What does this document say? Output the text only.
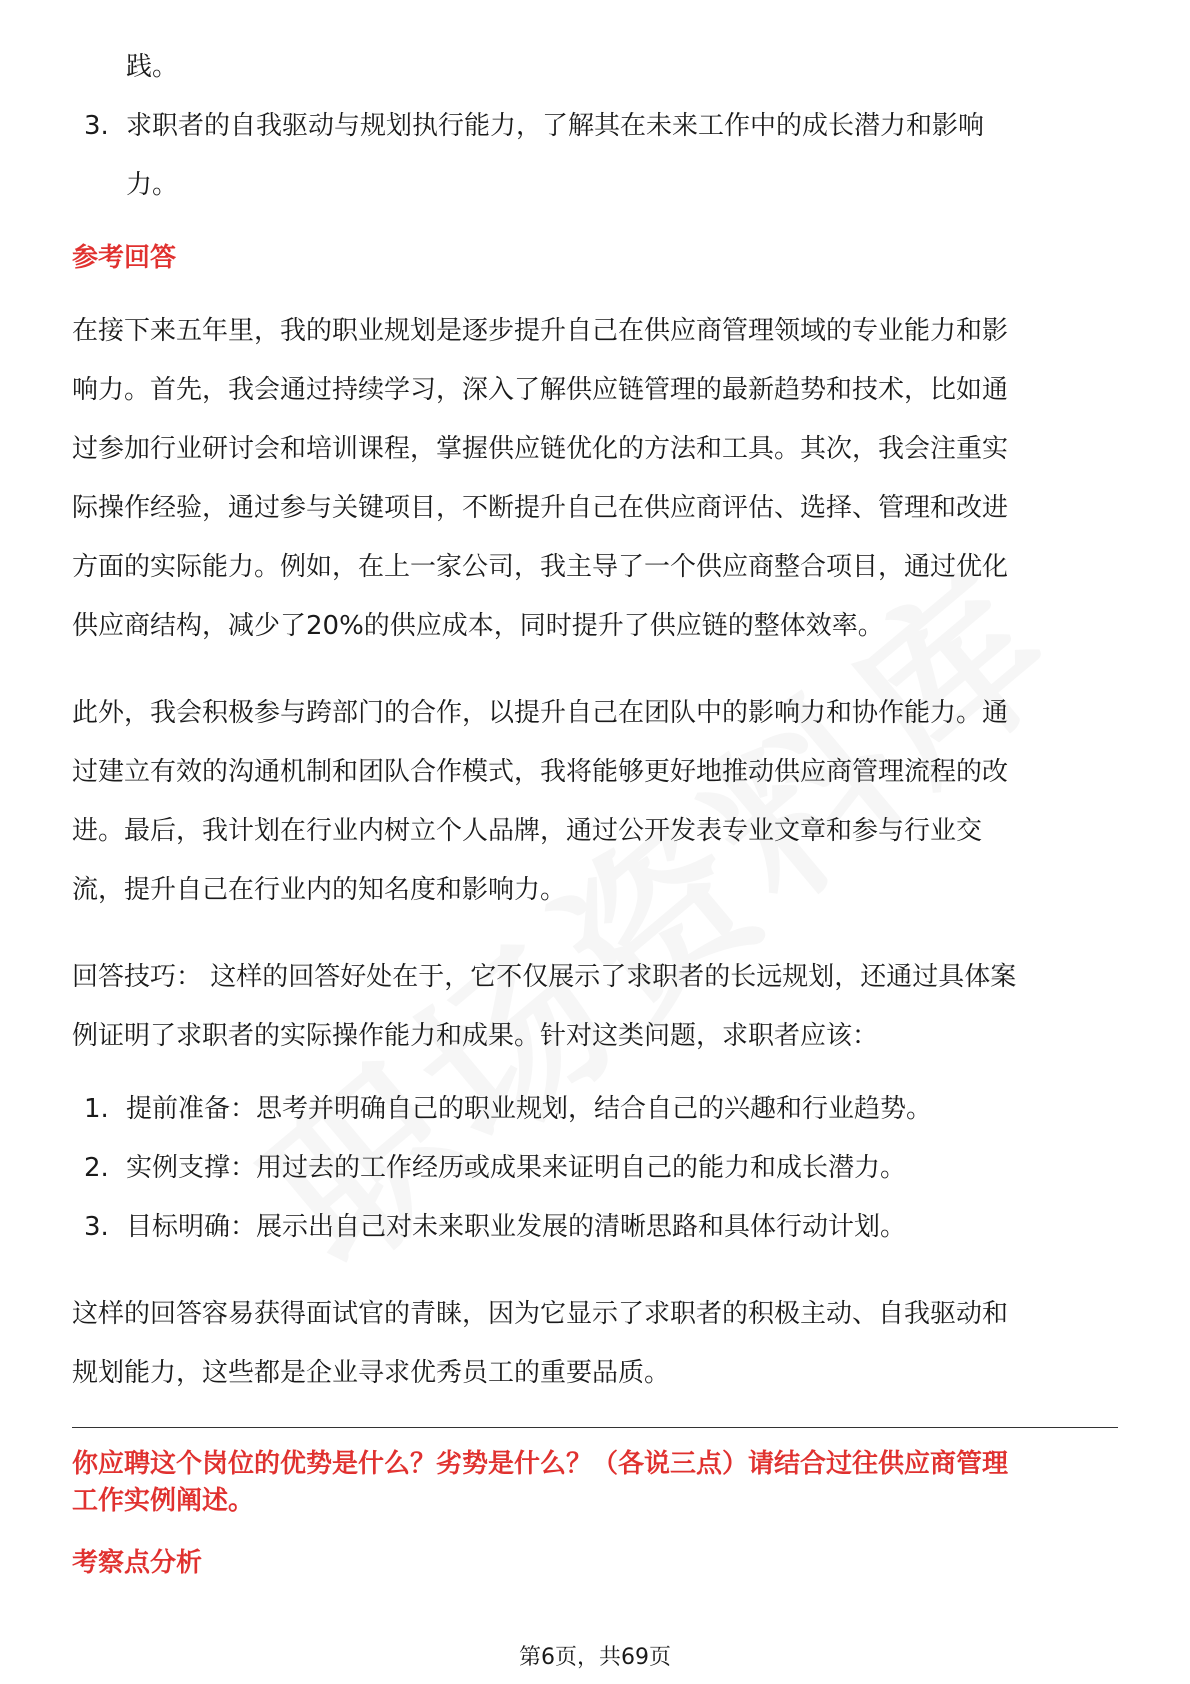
践。

3. 求职者的自我驱动与规划执行能力，了解其在未来工作中的成长潜力和影响

力。

参考回答

在接下来五年里，我的职业规划是逐步提升自己在供应商管理领域的专业能力和影

响力。首先，我会通过持续学习，深入了解供应链管理的最新趋势和技术，比如通

过参加行业研讨会和培训课程，掌握供应链优化的方法和工具。其次，我会注重实

际操作经验，通过参与关键项目，不断提升自己在供应商评估、选择、管理和改进

方面的实际能力。例如，在上一家公司，我主导了一个供应商整合项目，通过优化

供应商结构，减少了20%的供应成本，同时提升了供应链的整体效率。

此外，我会积极参与跨部门的合作，以提升自己在团队中的影响力和协作能力。通

过建立有效的沟通机制和团队合作模式，我将能够更好地推动供应商管理流程的改

进。最后，我计划在行业内树立个人品牌，通过公开发表专业文章和参与行业交

流，提升自己在行业内的知名度和影响力。

回答技巧： 这样的回答好处在于，它不仅展示了求职者的长远规划，还通过具体案

例证明了求职者的实际操作能力和成果。针对这类问题，求职者应该：

1. 提前准备：思考并明确自己的职业规划，结合自己的兴趣和行业趋势。
2. 实例支撑：用过去的工作经历或成果来证明自己的能力和成长潜力。
3. 目标明确：展示出自己对未来职业发展的清晰思路和具体行动计划。

这样的回答容易获得面试官的青睐，因为它显示了求职者的积极主动、自我驱动和

规划能力，这些都是企业寻求优秀员工的重要品质。

你应聘这个岗位的优势是什么？劣势是什么？（各说三点）请结合过往供应商管理
工作实例阐述。
考察点分析
第6页，共69页
